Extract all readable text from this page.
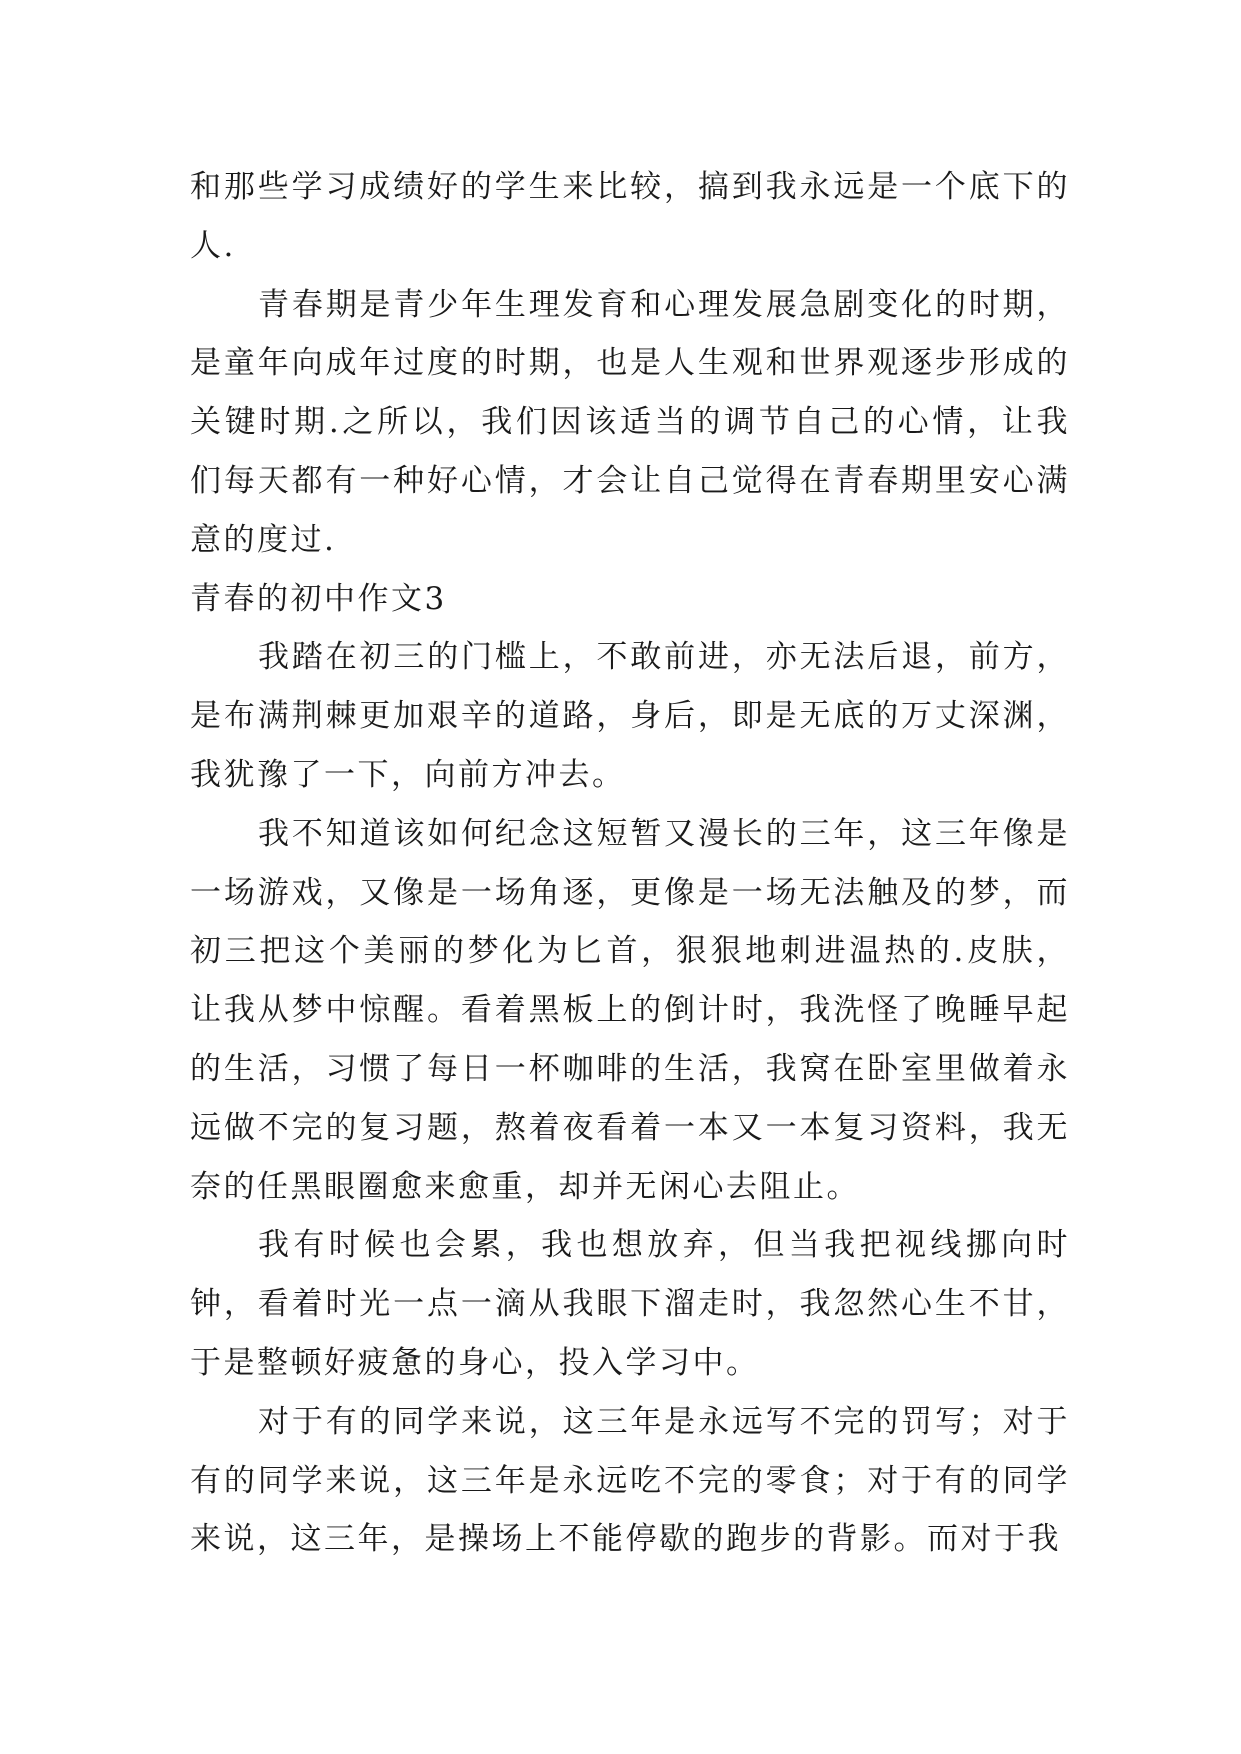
和那些学习成绩好的学生来比较，搞到我永远是一个底下的人.

青春期是青少年生理发育和心理发展急剧变化的时期，是童年向成年过度的时期，也是人生观和世界观逐步形成的关键时期.之所以，我们因该适当的调节自己的心情，让我们每天都有一种好心情，才会让自己觉得在青春期里安心满意的度过.

青春的初中作文3

我踏在初三的门槛上，不敢前进，亦无法后退，前方，是布满荆棘更加艰辛的道路，身后，即是无底的万丈深渊，我犹豫了一下，向前方冲去。

我不知道该如何纪念这短暂又漫长的三年，这三年像是一场游戏，又像是一场角逐，更像是一场无法触及的梦，而初三把这个美丽的梦化为匕首，狠狠地刺进温热的.皮肤，让我从梦中惊醒。看着黑板上的倒计时，我洗怪了晚睡早起的生活，习惯了每日一杯咖啡的生活，我窝在卧室里做着永远做不完的复习题，熬着夜看着一本又一本复习资料，我无奈的任黑眼圈愈来愈重，却并无闲心去阻止。

我有时候也会累，我也想放弃，但当我把视线挪向时钟，看着时光一点一滴从我眼下溜走时，我忽然心生不甘，于是整顿好疲惫的身心，投入学习中。

对于有的同学来说，这三年是永远写不完的罚写；对于有的同学来说，这三年是永远吃不完的零食；对于有的同学来说，这三年，是操场上不能停歇的跑步的背影。而对于我
